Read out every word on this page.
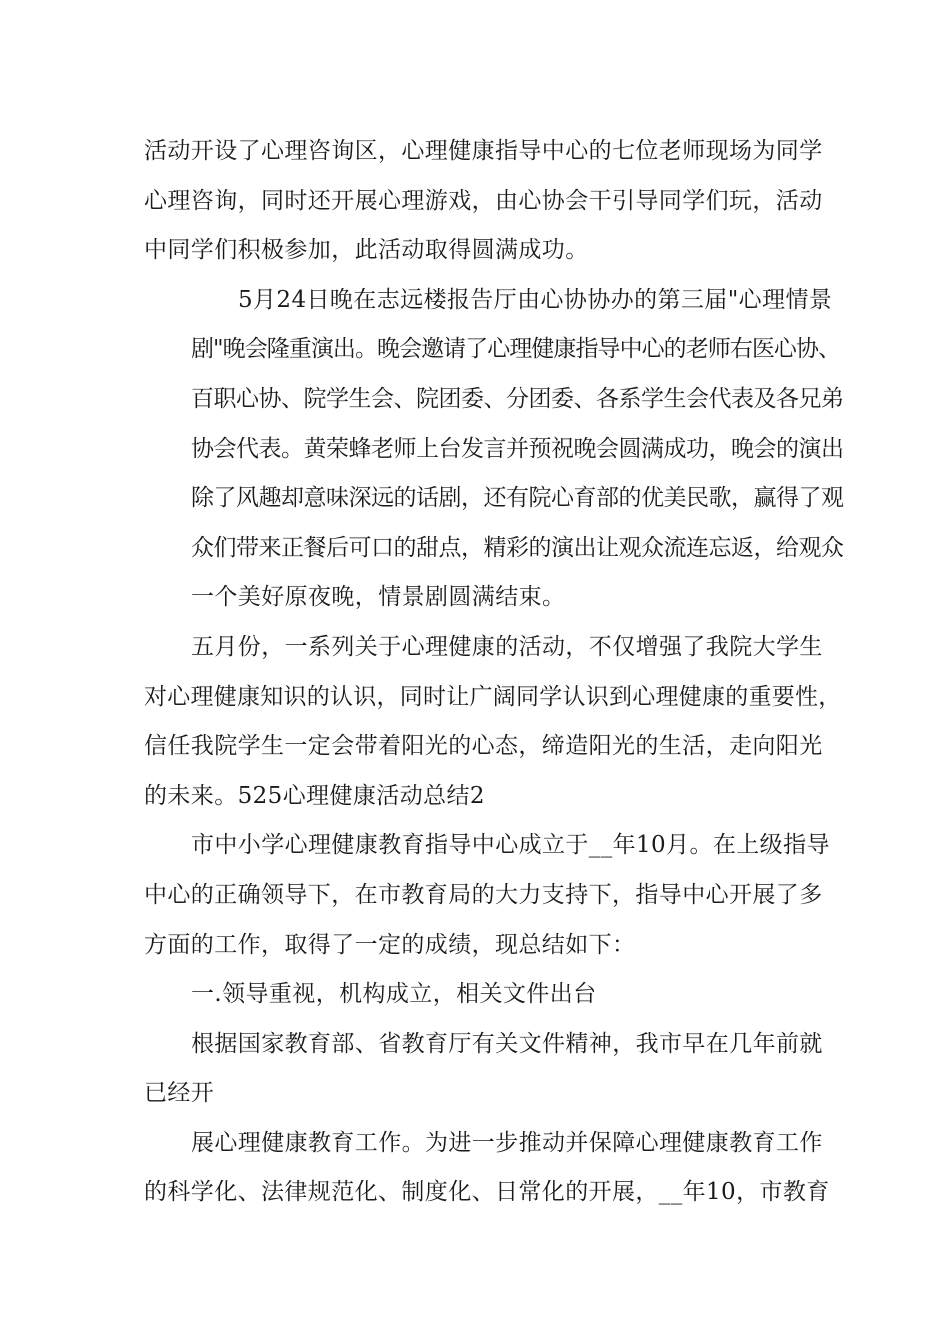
活动开设了心理咨询区，心理健康指导中心的七位老师现场为同学
心理咨询，同时还开展心理游戏，由心协会干引导同学们玩，活动
中同学们积极参加，此活动取得圆满成功。

5月24日晚在志远楼报告厅由心协协办的第三届"心理情景
剧"晚会隆重演出。晚会邀请了心理健康指导中心的老师右医心协、
百职心协、院学生会、院团委、分团委、各系学生会代表及各兄弟
协会代表。黄荣蜂老师上台发言并预祝晚会圆满成功，晚会的演出
除了风趣却意味深远的话剧，还有院心育部的优美民歌，赢得了观
众们带来正餐后可口的甜点，精彩的演出让观众流连忘返，给观众
一个美好原夜晚，情景剧圆满结束。

五月份，一系列关于心理健康的活动，不仅增强了我院大学生
对心理健康知识的认识，同时让广阔同学认识到心理健康的重要性，
信任我院学生一定会带着阳光的心态，缔造阳光的生活，走向阳光
的未来。525心理健康活动总结2

市中小学心理健康教育指导中心成立于__年10月。在上级指导
中心的正确领导下，在市教育局的大力支持下，指导中心开展了多
方面的工作，取得了一定的成绩，现总结如下：

一.领导重视，机构成立，相关文件出台

根据国家教育部、省教育厅有关文件精神，我市早在几年前就
已经开

展心理健康教育工作。为进一步推动并保障心理健康教育工作
的科学化、法律规范化、制度化、日常化的开展，__年10，市教育
